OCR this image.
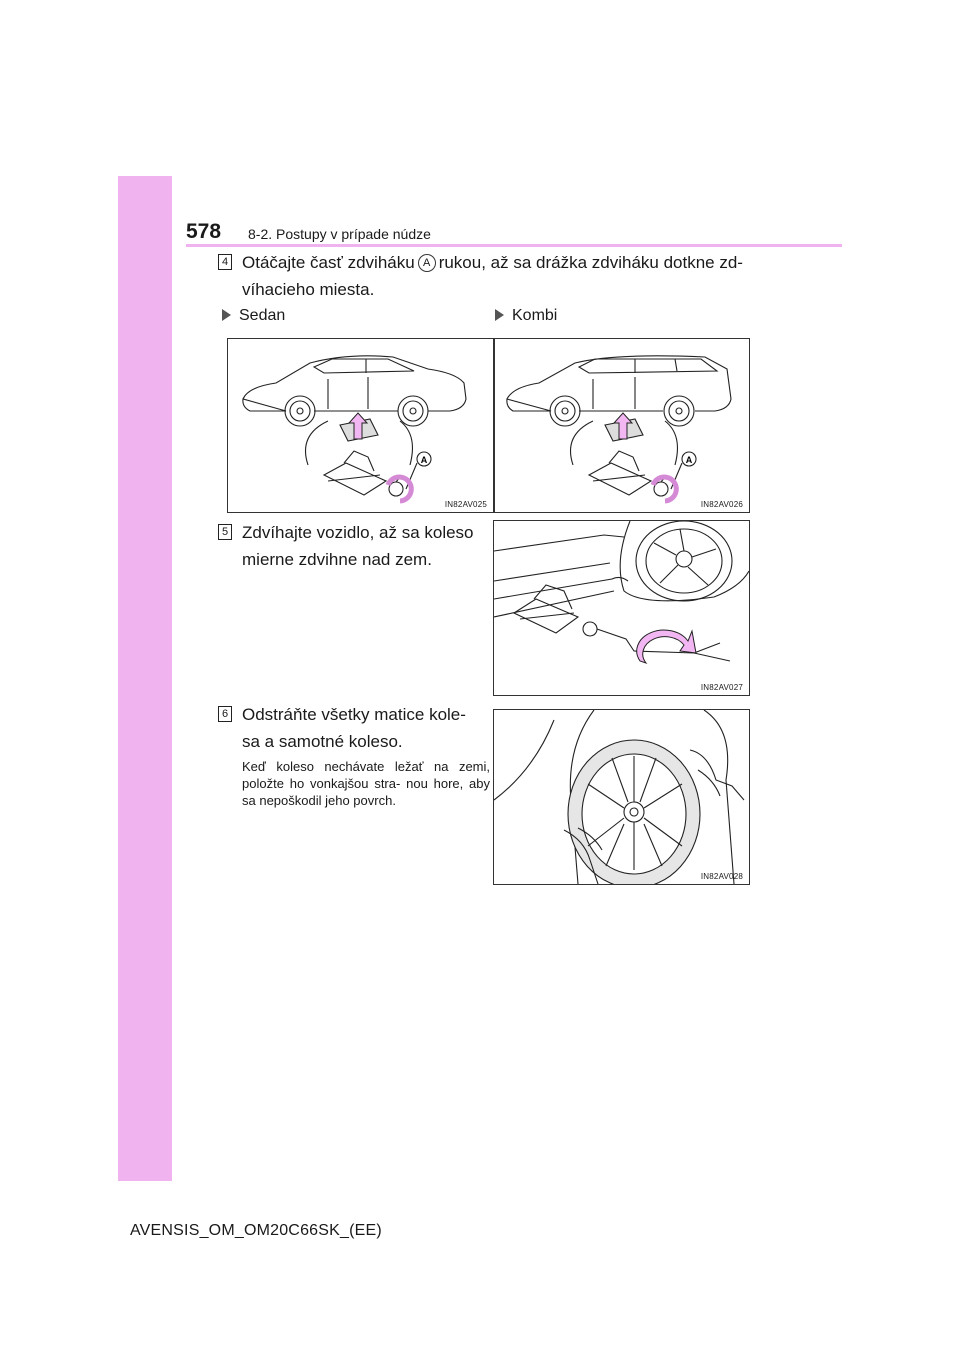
578 8-2. Postupy v prípade núdze
4 Otáčajte časť zdviháku A rukou, až sa drážka zdviháku dotkne zd-
víhacieho miesta.
Sedan	Kombi
A
IN82AV025
A
IN82AV026
5 Zdvíhajte vozidlo, až sa koleso
mierne zdvihne nad zem.
IN82AV027
6 Odstráňte všetky matice kole-
sa a samotné koleso.
Keď koleso nechávate ležať na zemi, položte ho vonkajšou stra- nou hore, aby sa nepoškodil jeho povrch.
IN82AV028
AVENSIS_OM_OM20C66SK_(EE)
